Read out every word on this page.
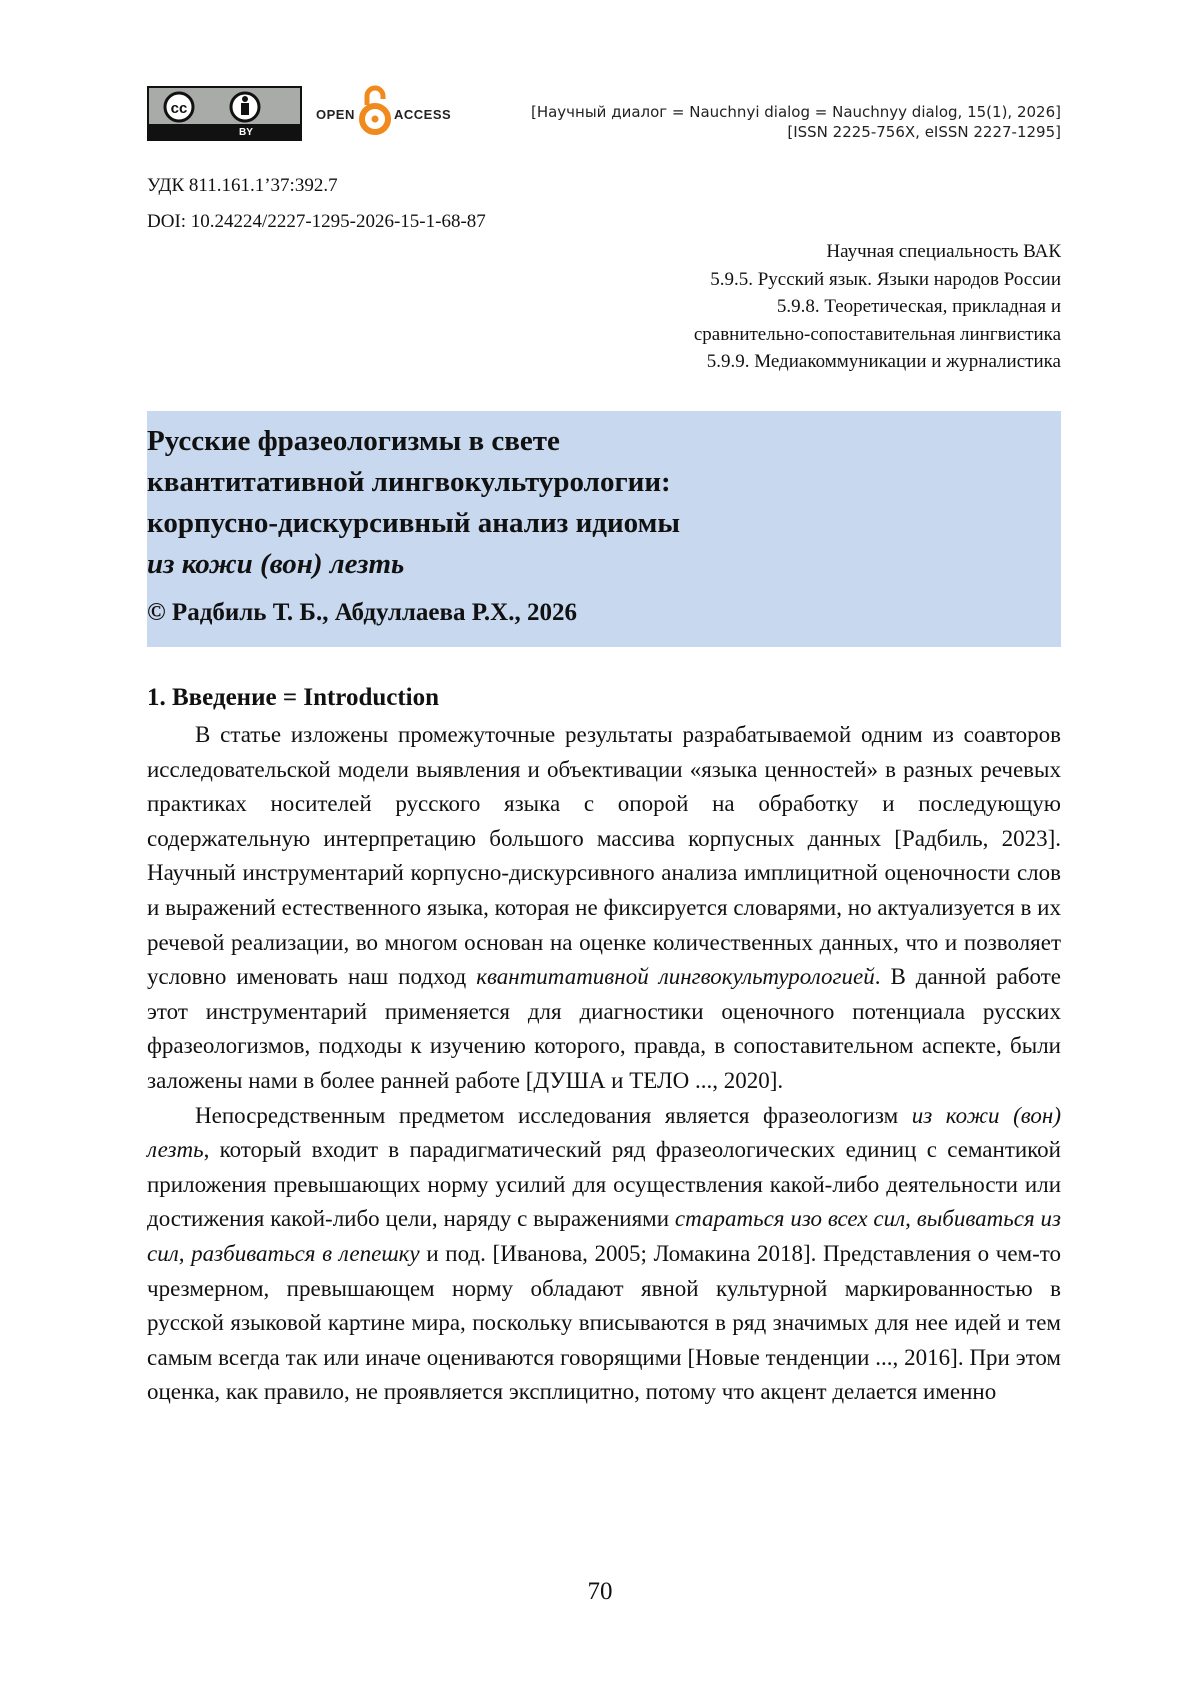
cc
BY
OPEN	ACCESS	[Научный диалог = Nauchnyi dialog = Nauchnyy dialog, 15(1), 2026]
[ISSN 2225-756X, eISSN 2227-1295]
УДК 811.161.1’37:392.7
DOI: 10.24224/2227-1295-2026-15-1-68-87
Научная специальность ВАК
5.9.5. Русский язык. Языки народов России
5.9.8. Теоретическая, прикладная и
сравнительно-сопоставительная лингвистика
5.9.9. Медиакоммуникации и журналистика
Русские фразеологизмы в свете
квантитативной лингвокультурологии:
корпусно-дискурсивный анализ идиомы
из кожи (вон) лезть
© Радбиль Т. Б., Абдуллаева Р.Х., 2026
1. Введение = Introduction

В статье изложены промежуточные результаты разрабатываемой одним из соавторов исследовательской модели выявления и объективации «языка ценностей» в разных речевых практиках носителей русского языка с опорой на обработку и последующую содержательную интерпретацию большого массива корпусных данных [Радбиль, 2023]. Научный инструментарий корпусно-дискурсивного анализа имплицитной оценочности слов и выражений естественного языка, которая не фиксируется словарями, но актуализуется в их речевой реализации, во многом основан на оценке количественных данных, что и позволяет условно именовать наш подход квантитативной лингвокультурологией. В данной работе этот инструментарий применяется для диагностики оценочного потенциала русских фразеологизмов, подходы к изучению которого, правда, в сопоставительном аспекте, были заложены нами в более ранней работе [ДУША и ТЕЛО ..., 2020].

Непосредственным предметом исследования является фразеологизм из кожи (вон) лезть, который входит в парадигматический ряд фразеологических единиц с семантикой приложения превышающих норму усилий для осуществления какой-либо деятельности или достижения какой-либо цели, наряду с выражениями стараться изо всех сил, выбиваться из сил, разбиваться в лепешку и под. [Иванова, 2005; Ломакина 2018]. Представления о чем-то чрезмерном, превышающем норму обладают явной культурной маркированностью в русской языковой картине мира, поскольку вписываются в ряд значимых для нее идей и тем самым всегда так или иначе оцениваются говорящими [Новые тенденции ..., 2016]. При этом оценка, как правило, не проявляется эксплицитно, потому что акцент делается именно

70
